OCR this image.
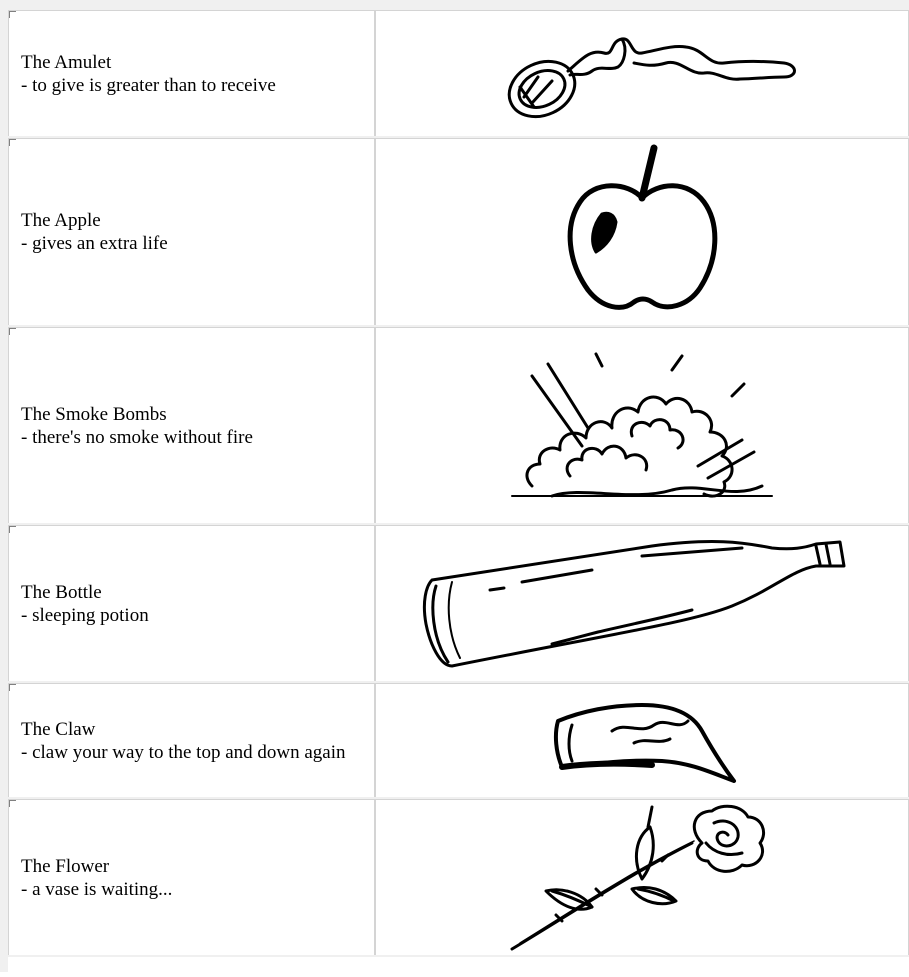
The Amulet
- to give is greater than to receive

The Apple
- gives an extra life

The Smoke Bombs
- there's no smoke without fire

The Bottle
- sleeping potion

The Claw
- claw your way to the top and down again

The Flower
- a vase is waiting...
